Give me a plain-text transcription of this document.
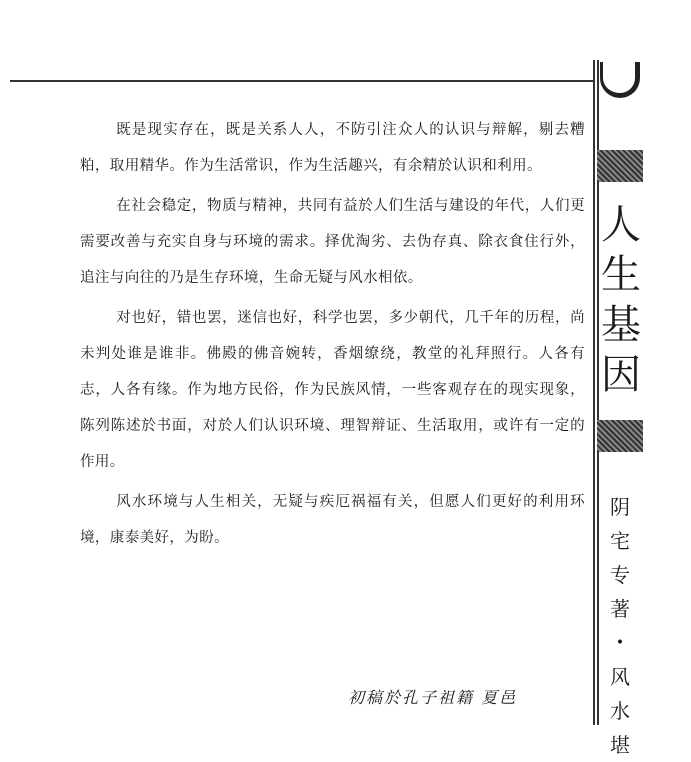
人
生
基
因
阴
宅
专
著
•
风
水
堪

既是现实存在，既是关系人人，不防引注众人的认识与辩解，剔去糟粕，取用精华。作为生活常识，作为生活趣兴，有余精於认识和利用。

在社会稳定，物质与精神，共同有益於人们生活与建设的年代，人们更需要改善与充实自身与环境的需求。择优淘劣、去伪存真、除衣食住行外，追注与向往的乃是生存环境，生命无疑与风水相依。

对也好，错也罢，迷信也好，科学也罢，多少朝代，几千年的历程，尚未判处谁是谁非。佛殿的佛音婉转，香烟缭绕，教堂的礼拜照行。人各有志，人各有缘。作为地方民俗，作为民族风情，一些客观存在的现实现象，陈列陈述於书面，对於人们认识环境、理智辩证、生活取用，或许有一定的作用。

风水环境与人生相关，无疑与疾厄祸福有关，但愿人们更好的利用环境，康泰美好，为盼。

初稿於孔子祖籍 夏邑
